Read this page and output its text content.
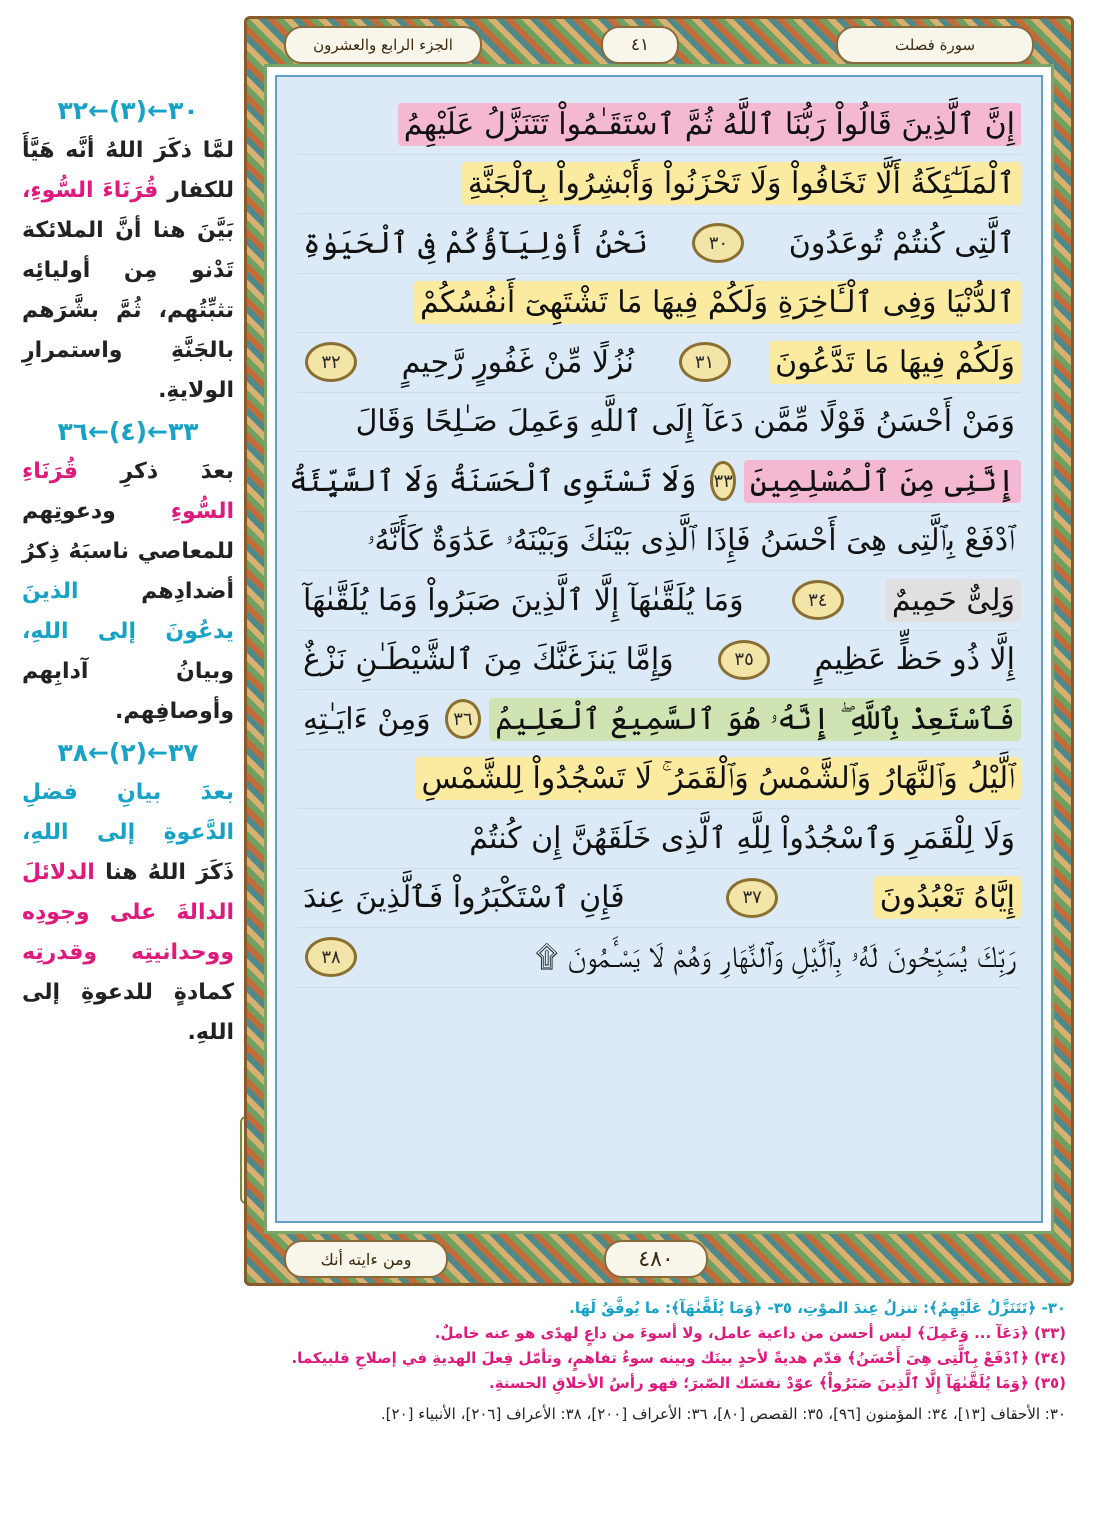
٣٠←(٣)←٣٢
لمَّا ذكَرَ اللهُ أنَّه هَيَّأَ للكفار قُرَنَاءَ السُّوءِ، بَيَّنَ هنا أنَّ الملائكة تَدْنو مِن أوليائِه تثبِّتُهم، ثُمَّ بشَّرَهم بالجَنَّةِ واستمرارِ الولايةِ.
٣٣←(٤)←٣٦
بعدَ ذكرِ قُرَنَاءِ السُّوءِ ودعوتِهم للمعاصي ناسبَهُ ذِكرُ أضدادِهم الذينَ يدعُونَ إلى اللهِ، وبيانُ آدابِهم وأوصافِهم.
٣٧←(٢)←٣٨
بعدَ بيانِ فضلِ الدَّعوةِ إلى اللهِ، ذَكَرَ اللهُ هنا الدلائلَ الدالةَ على وجودِه ووحدانيتِه وقدرتِه كمادةٍ للدعوةِ إلى اللهِ.
الجزء الرابع والعشرون	٤١	سورة فصلت
إِنَّ ٱلَّذِينَ قَالُواْ رَبُّنَا ٱللَّهُ ثُمَّ ٱسْتَقَـٰمُواْ تَتَنَزَّلُ عَلَيْهِمُ
ٱلْمَلَـٰٓئِكَةُ أَلَّا تَخَافُواْ وَلَا تَحْزَنُواْ وَأَبْشِرُواْ بِٱلْجَنَّةِ
ٱلَّتِى كُنتُمْ تُوعَدُونَ
٣٠
نَحْنُ أَوْلِيَآؤُكُمْ فِى ٱلْحَيَوٰةِ
ٱلدُّنْيَا وَفِى ٱلْـَٔاخِرَةِ وَلَكُمْ فِيهَا مَا تَشْتَهِىٓ أَنفُسُكُمْ
وَلَكُمْ فِيهَا مَا تَدَّعُونَ
٣١
نُزُلًا مِّنْ غَفُورٍ رَّحِيمٍ
٣٢
وَمَنْ أَحْسَنُ قَوْلًا مِّمَّن دَعَآ إِلَى ٱللَّهِ وَعَمِلَ صَـٰلِحًا وَقَالَ
إِنَّنِى مِنَ ٱلْمُسْلِمِينَ
٣٣
وَلَا تَسْتَوِى ٱلْحَسَنَةُ وَلَا ٱلسَّيِّئَةُ
ٱدْفَعْ بِٱلَّتِى هِىَ أَحْسَنُ فَإِذَا ٱلَّذِى بَيْنَكَ وَبَيْنَهُۥ عَدَٰوَةٌ كَأَنَّهُۥ
وَلِىٌّ حَمِيمٌ
٣٤
وَمَا يُلَقَّىٰهَآ إِلَّا ٱلَّذِينَ صَبَرُواْ وَمَا يُلَقَّىٰهَآ
إِلَّا ذُو حَظٍّ عَظِيمٍ
٣٥
وَإِمَّا يَنزَغَنَّكَ مِنَ ٱلشَّيْطَـٰنِ نَزْغٌ
فَٱسْتَعِذْ بِٱللَّهِ ۖ إِنَّهُۥ هُوَ ٱلسَّمِيعُ ٱلْعَلِيمُ
٣٦
وَمِنْ ءَايَـٰتِهِ
ٱلَّيْلُ وَٱلنَّهَارُ وَٱلشَّمْسُ وَٱلْقَمَرُ ۚ لَا تَسْجُدُواْ لِلشَّمْسِ
وَلَا لِلْقَمَرِ وَٱسْجُدُواْ لِلَّهِ ٱلَّذِى خَلَقَهُنَّ إِن كُنتُمْ
إِيَّاهُ تَعْبُدُونَ
٣٧
فَإِنِ ٱسْتَكْبَرُواْ فَٱلَّذِينَ عِندَ
رَبِّكَ يُسَبِّحُونَ لَهُۥ بِٱلَّيْلِ وَٱلنَّهَارِ وَهُمْ لَا يَسْـَٔمُونَ ۩
٣٨
ومن ءايته أنك	٤٨٠
٣٠- ﴿تَتَنَزَّلُ عَلَيْهِمُ﴾: تنزلُ عِندَ الموْتِ، ٣٥- ﴿وَمَا يُلَقَّىٰهَآ﴾: ما يُوفَّقُ لَهَا.
(٣٣) ﴿دَعَآ ... وَعَمِلَ﴾ ليس أحسن من داعية عامل، ولا أسوءَ من داعٍ لهدًى هو عنه خاملٌ.
(٣٤) ﴿ٱدْفَعْ بِٱلَّتِى هِىَ أَحْسَنُ﴾ قدّم هديةً لأحدٍ بينَك وبينه سوءُ تفاهمٍ، وتأمّل فِعلَ الهديةِ في إصلاحِ قلبيكما.
(٣٥) ﴿وَمَا يُلَقَّىٰهَآ إِلَّا ٱلَّذِينَ صَبَرُواْ﴾ عوّدْ نفسَك الصّبرَ؛ فهو رأسُ الأخلاقِ الحسنةِ.
٣٠: الأحقاف [١٣]، ٣٤: المؤمنون [٩٦]، ٣٥: القصص [٨٠]، ٣٦: الأعراف [٢٠٠]، ٣٨: الأعراف [٢٠٦]، الأنبياء [٢٠].
